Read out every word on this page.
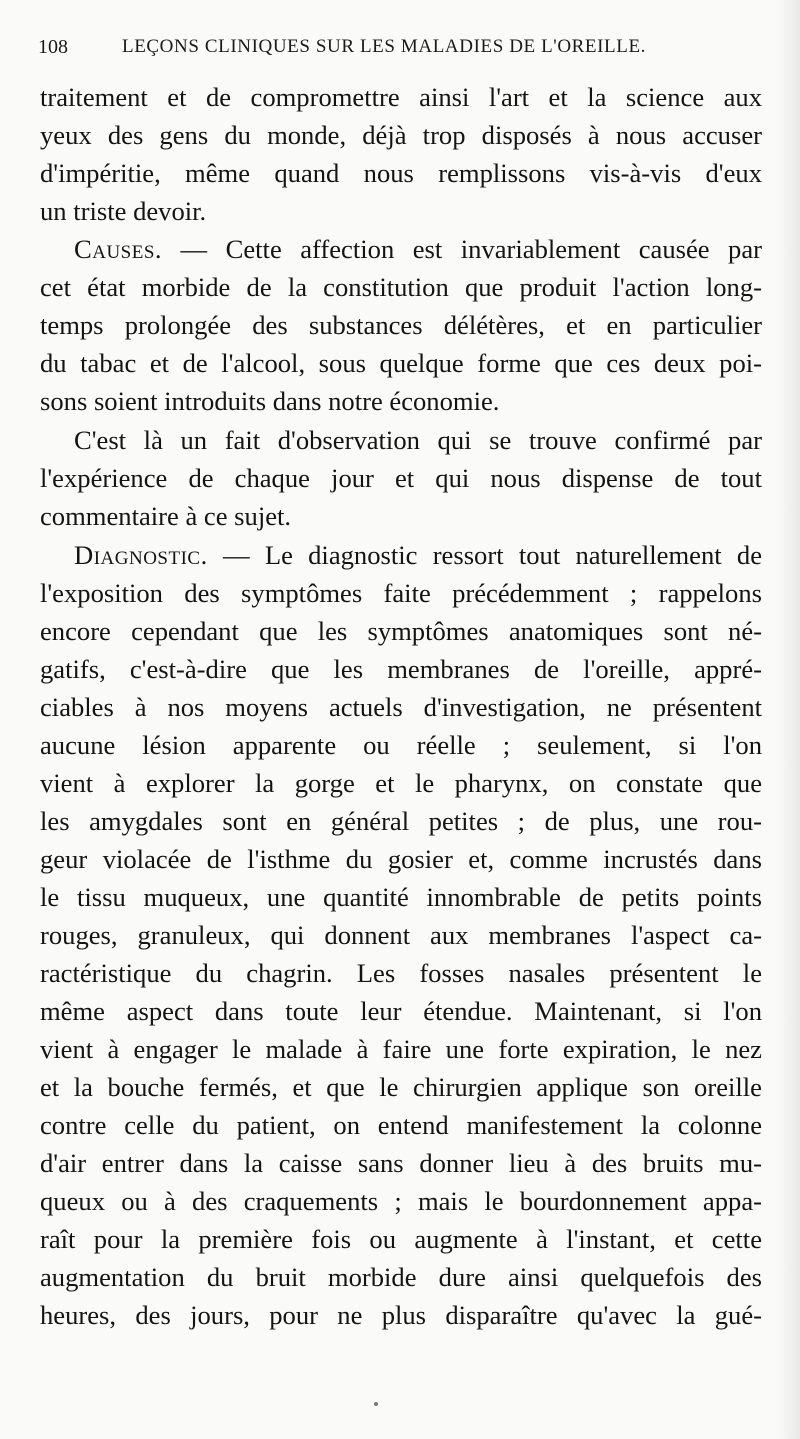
108	LEÇONS CLINIQUES SUR LES MALADIES DE L'OREILLE.
traitement et de compromettre ainsi l'art et la science aux
yeux des gens du monde, déjà trop disposés à nous accuser
d'impéritie, même quand nous remplissons vis-à-vis d'eux
un triste devoir.
Causes. — Cette affection est invariablement causée par
cet état morbide de la constitution que produit l'action long-
temps prolongée des substances délétères, et en particulier
du tabac et de l'alcool, sous quelque forme que ces deux poi-
sons soient introduits dans notre économie.
C'est là un fait d'observation qui se trouve confirmé par
l'expérience de chaque jour et qui nous dispense de tout
commentaire à ce sujet.
Diagnostic. — Le diagnostic ressort tout naturellement de
l'exposition des symptômes faite précédemment ; rappelons
encore cependant que les symptômes anatomiques sont né-
gatifs, c'est-à-dire que les membranes de l'oreille, appré-
ciables à nos moyens actuels d'investigation, ne présentent
aucune lésion apparente ou réelle ; seulement, si l'on
vient à explorer la gorge et le pharynx, on constate que
les amygdales sont en général petites ; de plus, une rou-
geur violacée de l'isthme du gosier et, comme incrustés dans
le tissu muqueux, une quantité innombrable de petits points
rouges, granuleux, qui donnent aux membranes l'aspect ca-
ractéristique du chagrin. Les fosses nasales présentent le
même aspect dans toute leur étendue. Maintenant, si l'on
vient à engager le malade à faire une forte expiration, le nez
et la bouche fermés, et que le chirurgien applique son oreille
contre celle du patient, on entend manifestement la colonne
d'air entrer dans la caisse sans donner lieu à des bruits mu-
queux ou à des craquements ; mais le bourdonnement appa-
raît pour la première fois ou augmente à l'instant, et cette
augmentation du bruit morbide dure ainsi quelquefois des
heures, des jours, pour ne plus disparaître qu'avec la gué-
